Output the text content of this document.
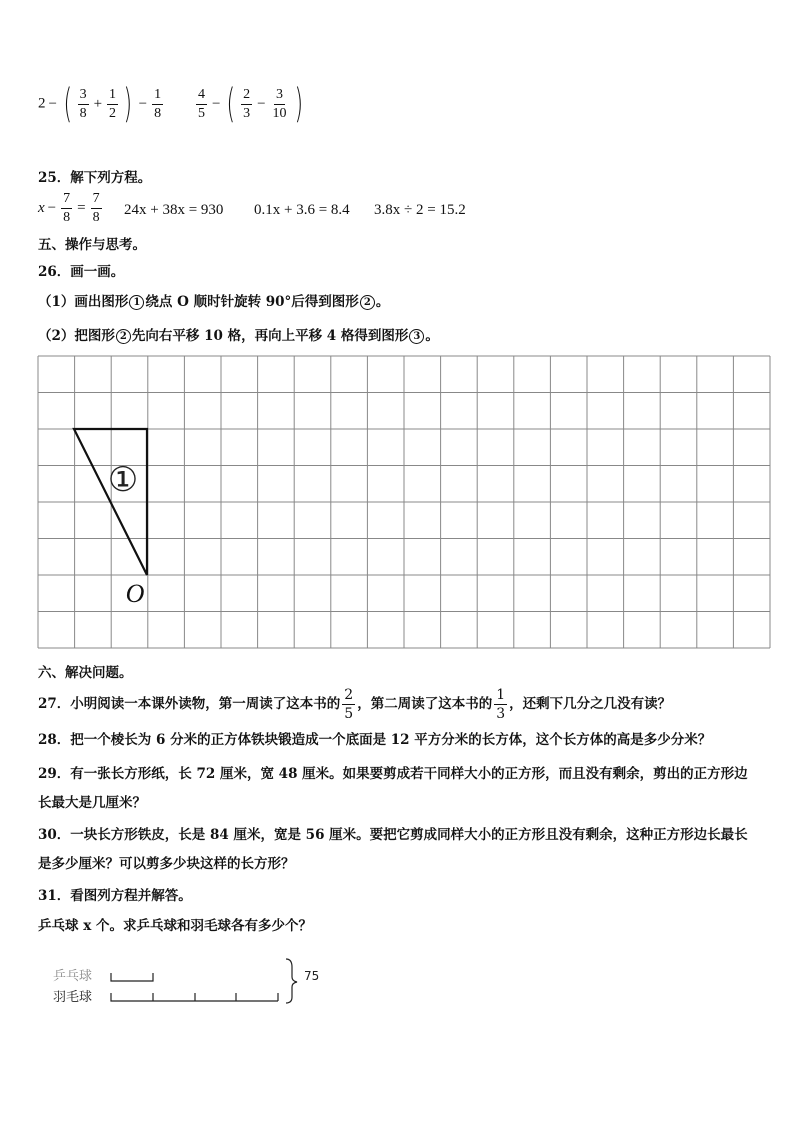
2 − ( $\frac{3}{8} + \frac{1}{2}$ ) − $\frac{1}{8} \frac{4}{5}$ − ( $\frac{2}{3} - \frac{3}{10}$ )
25．解下列方程。
$x - \frac{7}{8} = \frac{7}{8} 24x + 38x = 930$ 0.1x + 3.6 = 8.4 3.8x ÷ 2 = 15.2
五、操作与思考。
26．画一画。
（1）画出图形 1 绕点 O 顺时针旋转 90°后得到图形 2 。
（2）把图形 2 先向右平移 10 格，再向上平移 4 格得到图形 3 。
①
O
六、解决问题。
27．小明阅读一本课外读物，第一周读了这本书的 $\frac{2}{5}$ ，第二周读了这本书的 $\frac{1}{3}$ ，还剩下几分之几没有读？
28．把一个棱长为 6 分米的正方体铁块锻造成一个底面是 12 平方分米的长方体，这个长方体的高是多少分米？
29．有一张长方形纸，长 72 厘米，宽 48 厘米。如果要剪成若干同样大小的正方形，而且没有剩余，剪出的正方形边
长最大是几厘米？
30．一块长方形铁皮，长是 84 厘米，宽是 56 厘米。要把它剪成同样大小的正方形且没有剩余，这种正方形边长最长
是多少厘米？可以剪多少块这样的长方形？
31．看图列方程并解答。
乒乓球 x 个。求乒乓球和羽毛球各有多少个？
乒乓球
羽毛球
75
